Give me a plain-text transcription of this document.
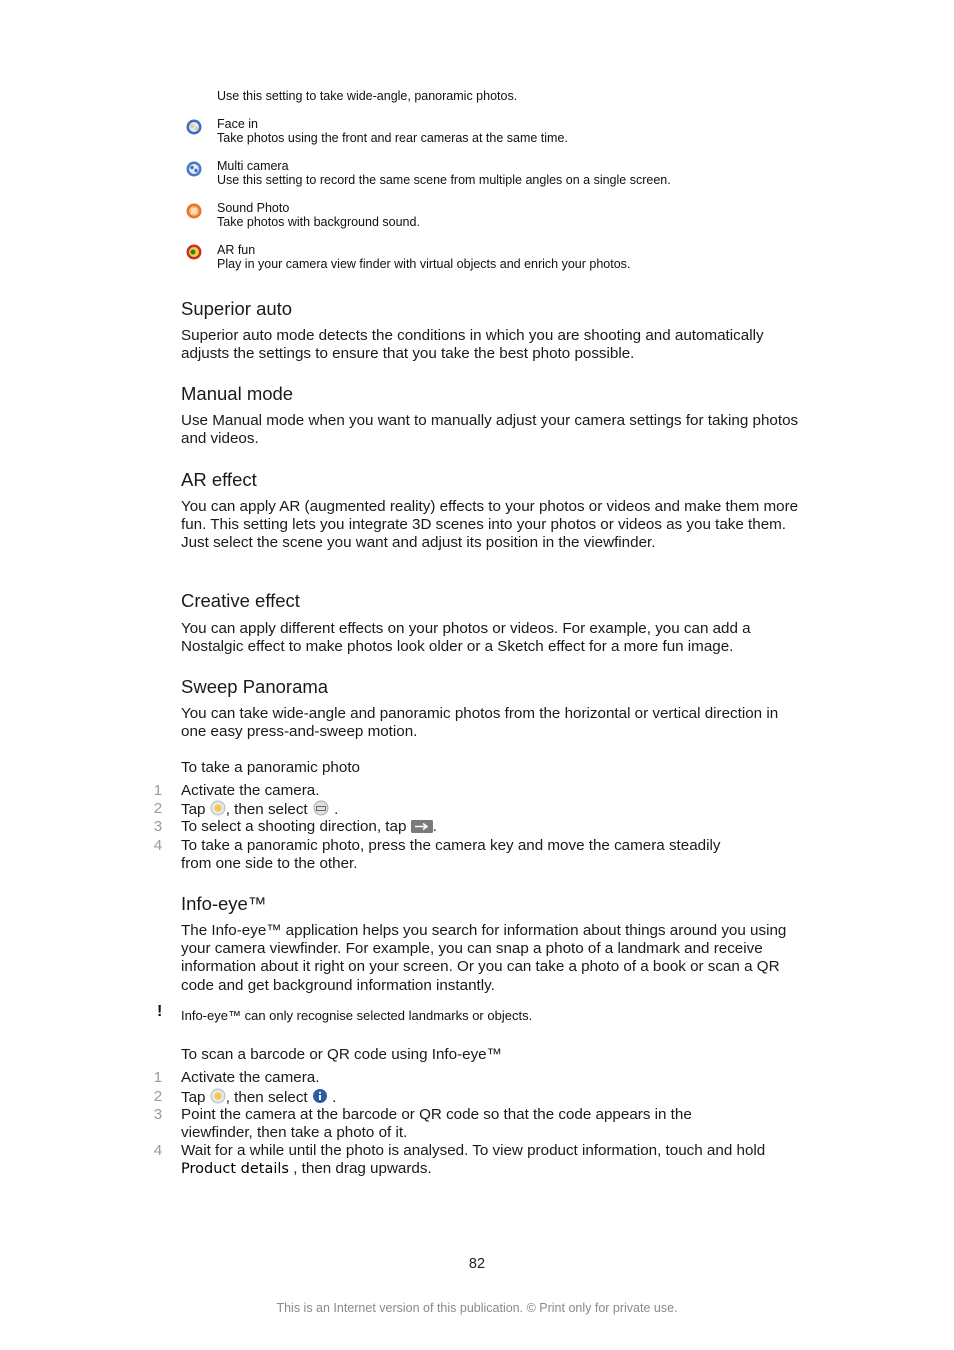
Use this setting to take wide-angle, panoramic photos.
Face in
Take photos using the front and rear cameras at the same time.
Multi camera
Use this setting to record the same scene from multiple angles on a single screen.
Sound Photo
Take photos with background sound.
AR fun
Play in your camera view finder with virtual objects and enrich your photos.
Superior auto
Superior auto mode detects the conditions in which you are shooting and automatically adjusts the settings to ensure that you take the best photo possible.
Manual mode
Use Manual mode when you want to manually adjust your camera settings for taking photos and videos.
AR effect
You can apply AR (augmented reality) effects to your photos or videos and make them more fun. This setting lets you integrate 3D scenes into your photos or videos as you take them. Just select the scene you want and adjust its position in the viewfinder.
Creative effect
You can apply different effects on your photos or videos. For example, you can add a Nostalgic effect to make photos look older or a Sketch effect for a more fun image.
Sweep Panorama
You can take wide-angle and panoramic photos from the horizontal or vertical direction in one easy press-and-sweep motion.
To take a panoramic photo
1 Activate the camera.
2 Tap , then select .
3 To select a shooting direction, tap .
4 To take a panoramic photo, press the camera key and move the camera steadily from one side to the other.
Info-eye™
The Info-eye™ application helps you search for information about things around you using your camera viewfinder. For example, you can snap a photo of a landmark and receive information about it right on your screen. Or you can take a photo of a book or scan a QR code and get background information instantly.
! Info-eye™ can only recognise selected landmarks or objects.
To scan a barcode or QR code using Info-eye™
1 Activate the camera.
2 Tap , then select .
3 Point the camera at the barcode or QR code so that the code appears in the viewfinder, then take a photo of it.
4 Wait for a while until the photo is analysed. To view product information, touch and hold Product details , then drag upwards.
82
This is an Internet version of this publication. © Print only for private use.
